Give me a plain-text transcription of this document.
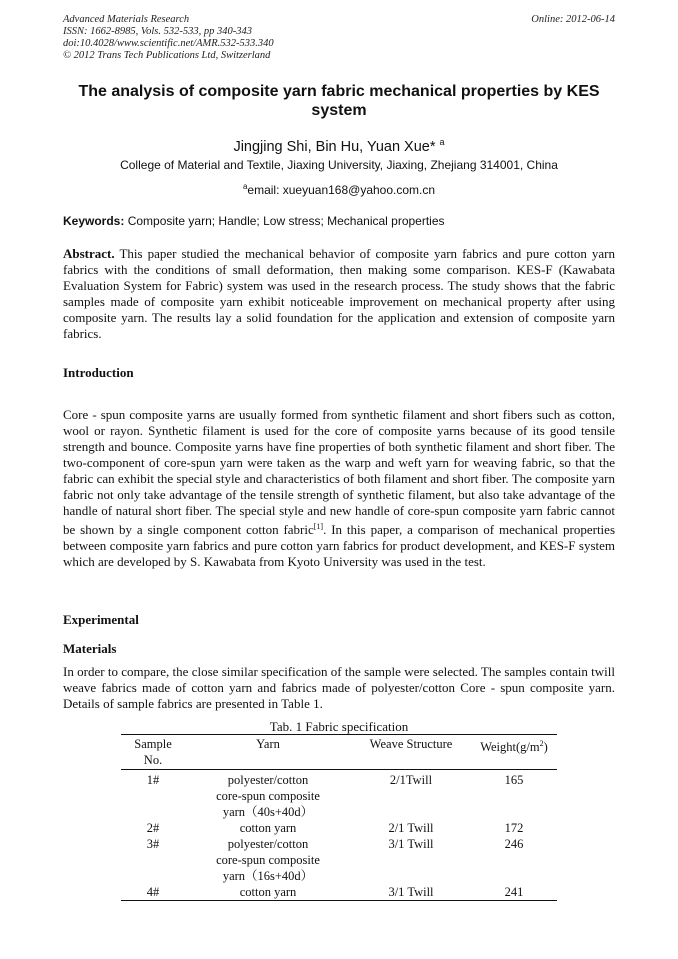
Advanced Materials Research
ISSN: 1662-8985, Vols. 532-533, pp 340-343
doi:10.4028/www.scientific.net/AMR.532-533.340
© 2012 Trans Tech Publications Ltd, Switzerland
Online: 2012-06-14
The analysis of composite yarn fabric mechanical properties by KES system
Jingjing Shi, Bin Hu, Yuan Xue* $^a$
College of Material and Textile, Jiaxing University, Jiaxing, Zhejiang 314001, China
$^a$email: xueyuan168@yahoo.com.cn
Keywords: Composite yarn; Handle; Low stress; Mechanical properties
Abstract. This paper studied the mechanical behavior of composite yarn fabrics and pure cotton yarn fabrics with the conditions of small deformation, then making some comparison. KES-F (Kawabata Evaluation System for Fabric) system was used in the research process. The study shows that the fabric samples made of composite yarn exhibit noticeable improvement on mechanical property after using composite yarn. The results lay a solid foundation for the application and extension of composite yarn fabrics.
Introduction
Core - spun composite yarns are usually formed from synthetic filament and short fibers such as cotton, wool or rayon. Synthetic filament is used for the core of composite yarns because of its good tensile strength and bounce. Composite yarns have fine properties of both synthetic filament and short fiber. The two-component of core-spun yarn were taken as the warp and weft yarn for weaving fabric, so that the fabric can exhibit the special style and characteristics of both filament and short fiber. The composite yarn fabric not only take advantage of the tensile strength of synthetic filament, but also take advantage of the handle of natural short fiber. The special style and new handle of core-spun composite yarn fabric cannot be shown by a single component cotton fabric[1]. In this paper, a comparison of mechanical properties between composite yarn fabrics and pure cotton yarn fabrics for product development, and KES-F system which are developed by S. Kawabata from Kyoto University was used in the test.
Experimental
Materials
In order to compare, the close similar specification of the sample were selected. The samples contain twill weave fabrics made of cotton yarn and fabrics made of polyester/cotton Core - spun composite yarn. Details of sample fabrics are presented in Table 1.
Tab. 1 Fabric specification
Sample
No.	Yarn	Weave Structure	$Weight(g/m^2)$
1#	polyester/cotton
core-spun composite
yarn（40s+40d）	2/1Twill	165
2#	cotton yarn	2/1 Twill	172
3#	polyester/cotton
core-spun composite
yarn（16s+40d）	3/1 Twill	246
4#	cotton yarn	3/1 Twill	241
